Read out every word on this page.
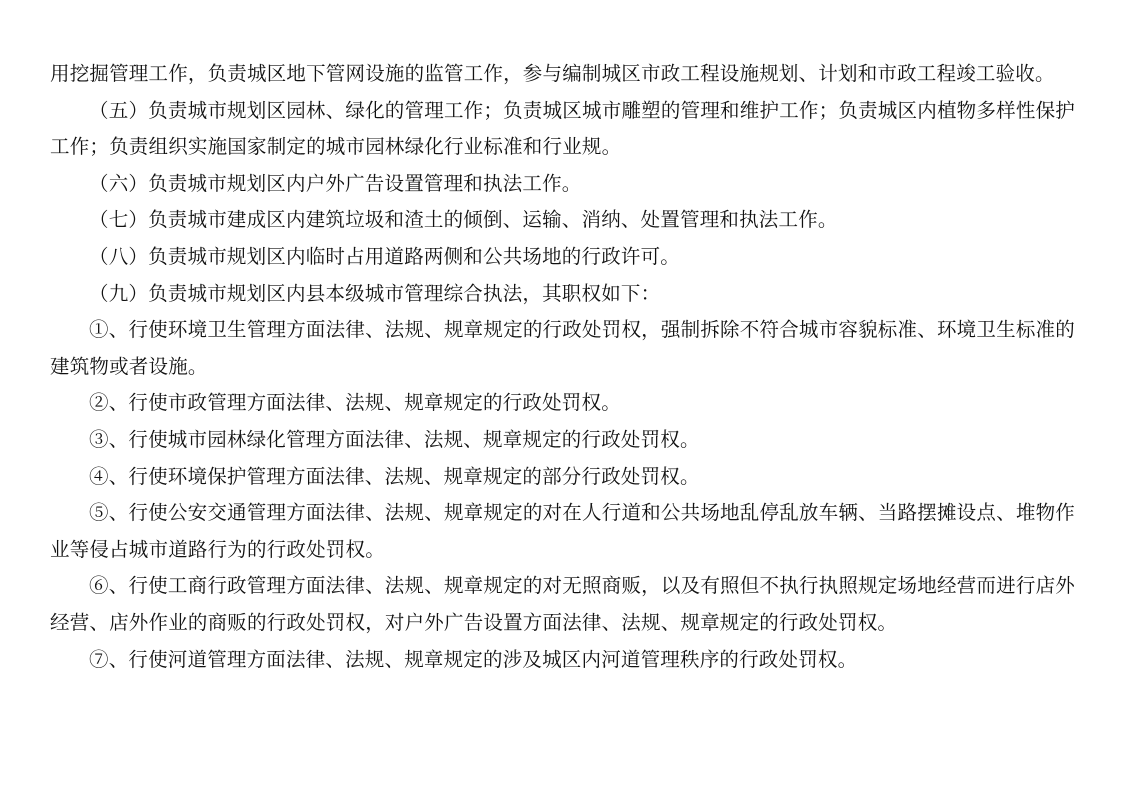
用挖掘管理工作，负责城区地下管网设施的监管工作，参与编制城区市政工程设施规划、计划和市政工程竣工验收。

（五）负责城市规划区园林、绿化的管理工作；负责城区城市雕塑的管理和维护工作；负责城区内植物多样性保护工作；负责组织实施国家制定的城市园林绿化行业标准和行业规。

（六）负责城市规划区内户外广告设置管理和执法工作。

（七）负责城市建成区内建筑垃圾和渣土的倾倒、运输、消纳、处置管理和执法工作。

（八）负责城市规划区内临时占用道路两侧和公共场地的行政许可。

（九）负责城市规划区内县本级城市管理综合执法，其职权如下：

①、行使环境卫生管理方面法律、法规、规章规定的行政处罚权，强制拆除不符合城市容貌标准、环境卫生标准的建筑物或者设施。

②、行使市政管理方面法律、法规、规章规定的行政处罚权。

③、行使城市园林绿化管理方面法律、法规、规章规定的行政处罚权。

④、行使环境保护管理方面法律、法规、规章规定的部分行政处罚权。

⑤、行使公安交通管理方面法律、法规、规章规定的对在人行道和公共场地乱停乱放车辆、当路摆摊设点、堆物作业等侵占城市道路行为的行政处罚权。

⑥、行使工商行政管理方面法律、法规、规章规定的对无照商贩，以及有照但不执行执照规定场地经营而进行店外经营、店外作业的商贩的行政处罚权，对户外广告设置方面法律、法规、规章规定的行政处罚权。

⑦、行使河道管理方面法律、法规、规章规定的涉及城区内河道管理秩序的行政处罚权。
